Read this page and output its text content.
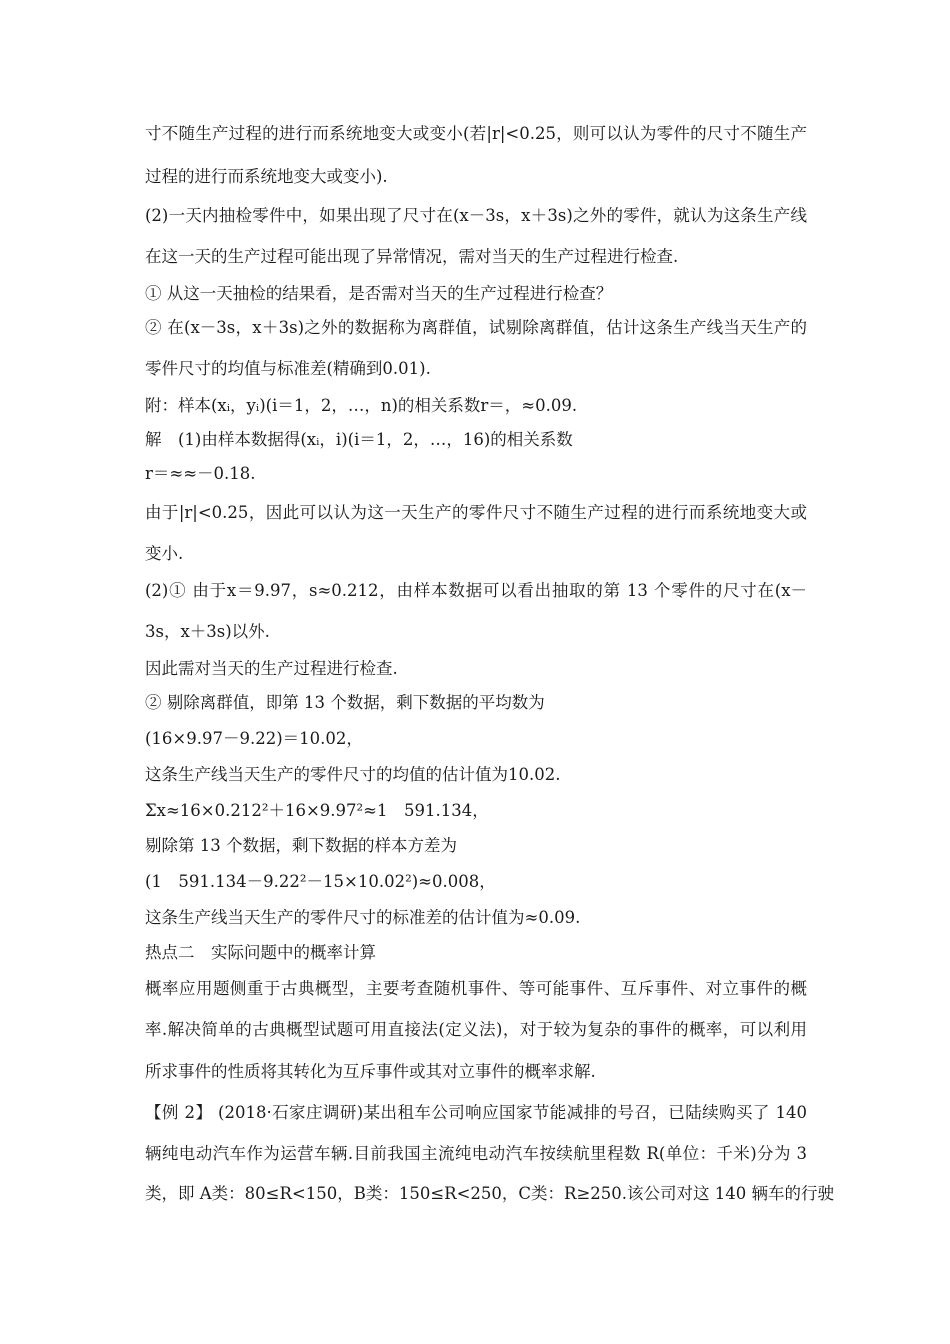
寸不随生产过程的进行而系统地变大或变小(若|r|<0.25，则可以认为零件的尺寸不随生产
过程的进行而系统地变大或变小).
(2)一天内抽检零件中，如果出现了尺寸在(x－3s，x＋3s)之外的零件，就认为这条生产线
在这一天的生产过程可能出现了异常情况，需对当天的生产过程进行检查.
① 从这一天抽检的结果看，是否需对当天的生产过程进行检查？
② 在(x－3s，x＋3s)之外的数据称为离群值，试剔除离群值，估计这条生产线当天生产的
零件尺寸的均值与标准差(精确到0.01).
附：样本(xᵢ，yᵢ)(i＝1，2，…，n)的相关系数r＝，≈0.09.
解　(1)由样本数据得(xᵢ，i)(i＝1，2，…，16)的相关系数
r＝≈≈－0.18.
由于|r|<0.25，因此可以认为这一天生产的零件尺寸不随生产过程的进行而系统地变大或
变小.
(2)① 由于x＝9.97，s≈0.212，由样本数据可以看出抽取的第 13 个零件的尺寸在(x－
3s，x＋3s)以外.
因此需对当天的生产过程进行检查.
② 剔除离群值，即第 13 个数据，剩下数据的平均数为
(16×9.97－9.22)＝10.02，
这条生产线当天生产的零件尺寸的均值的估计值为10.02.
Σx≈16×0.212²＋16×9.97²≈1　591.134，
剔除第 13 个数据，剩下数据的样本方差为
(1　591.134－9.22²－15×10.02²)≈0.008，
这条生产线当天生产的零件尺寸的标准差的估计值为≈0.09.
热点二　实际问题中的概率计算
概率应用题侧重于古典概型，主要考查随机事件、等可能事件、互斥事件、对立事件的概
率.解决简单的古典概型试题可用直接法(定义法)，对于较为复杂的事件的概率，可以利用
所求事件的性质将其转化为互斥事件或其对立事件的概率求解.
【例 2】 (2018·石家庄调研)某出租车公司响应国家节能减排的号召，已陆续购买了 140
辆纯电动汽车作为运营车辆.目前我国主流纯电动汽车按续航里程数 R(单位：千米)分为 3
类，即 A类：80≤R<150，B类：150≤R<250，C类：R≥250.该公司对这 140 辆车的行驶
